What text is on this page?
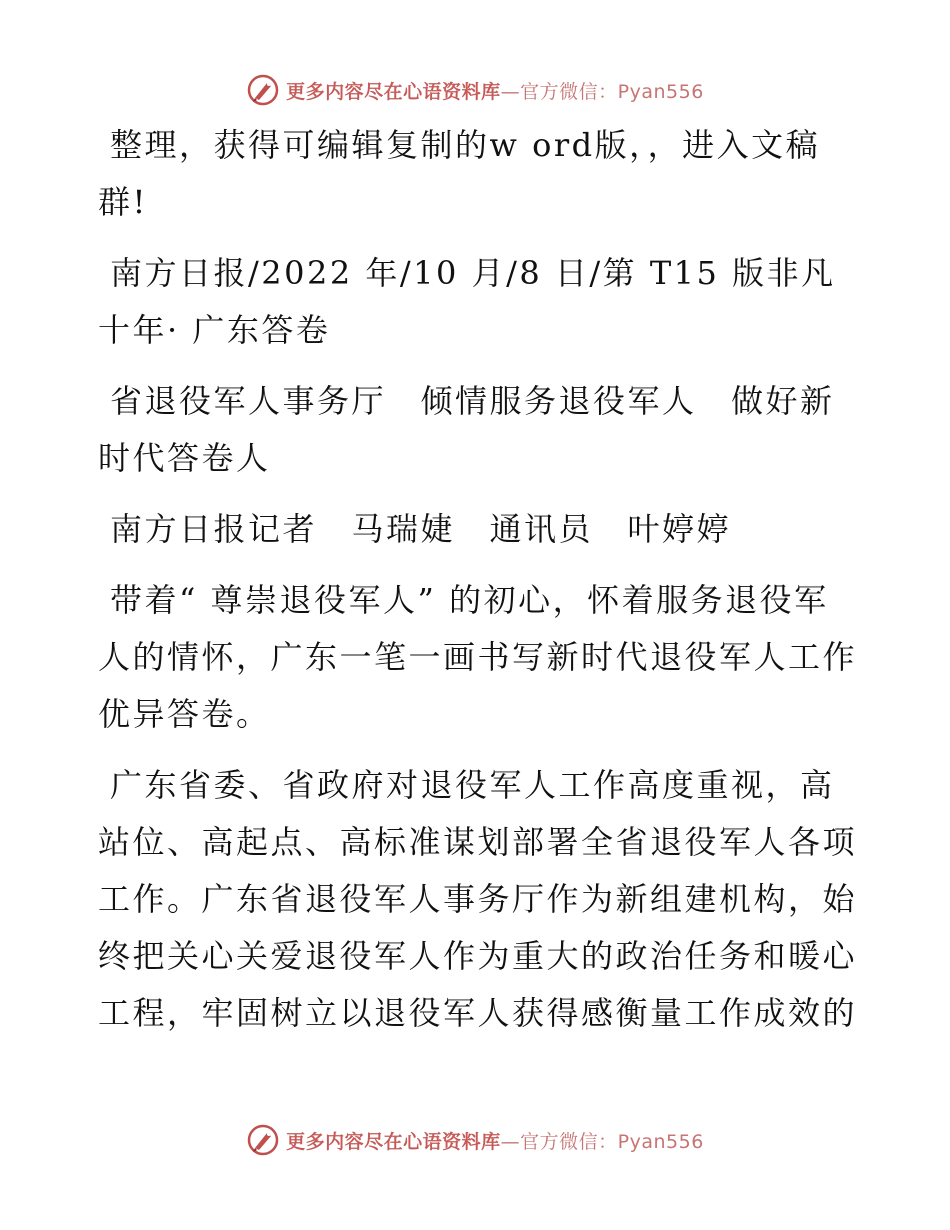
更多内容尽在心语资料库—官方微信：Pyan556

整理，获得可编辑复制的w ord版，，进入文稿群!

南方日报/2022 年/10 月/8 日/第 T15 版非凡十年· 广东答卷

省退役军人事务厅　倾情服务退役军人　做好新时代答卷人

南方日报记者　马瑞婕　通讯员　叶婷婷

带着“ 尊崇退役军人” 的初心，怀着服务退役军人的情怀，广东一笔一画书写新时代退役军人工作优异答卷。

广东省委、省政府对退役军人工作高度重视，高站位、高起点、高标准谋划部署全省退役军人各项工作。广东省退役军人事务厅作为新组建机构，始终把关心关爱退役军人作为重大的政治任务和暖心工程，牢固树立以退役军人获得感衡量工作成效的

更多内容尽在心语资料库—官方微信：Pyan556
